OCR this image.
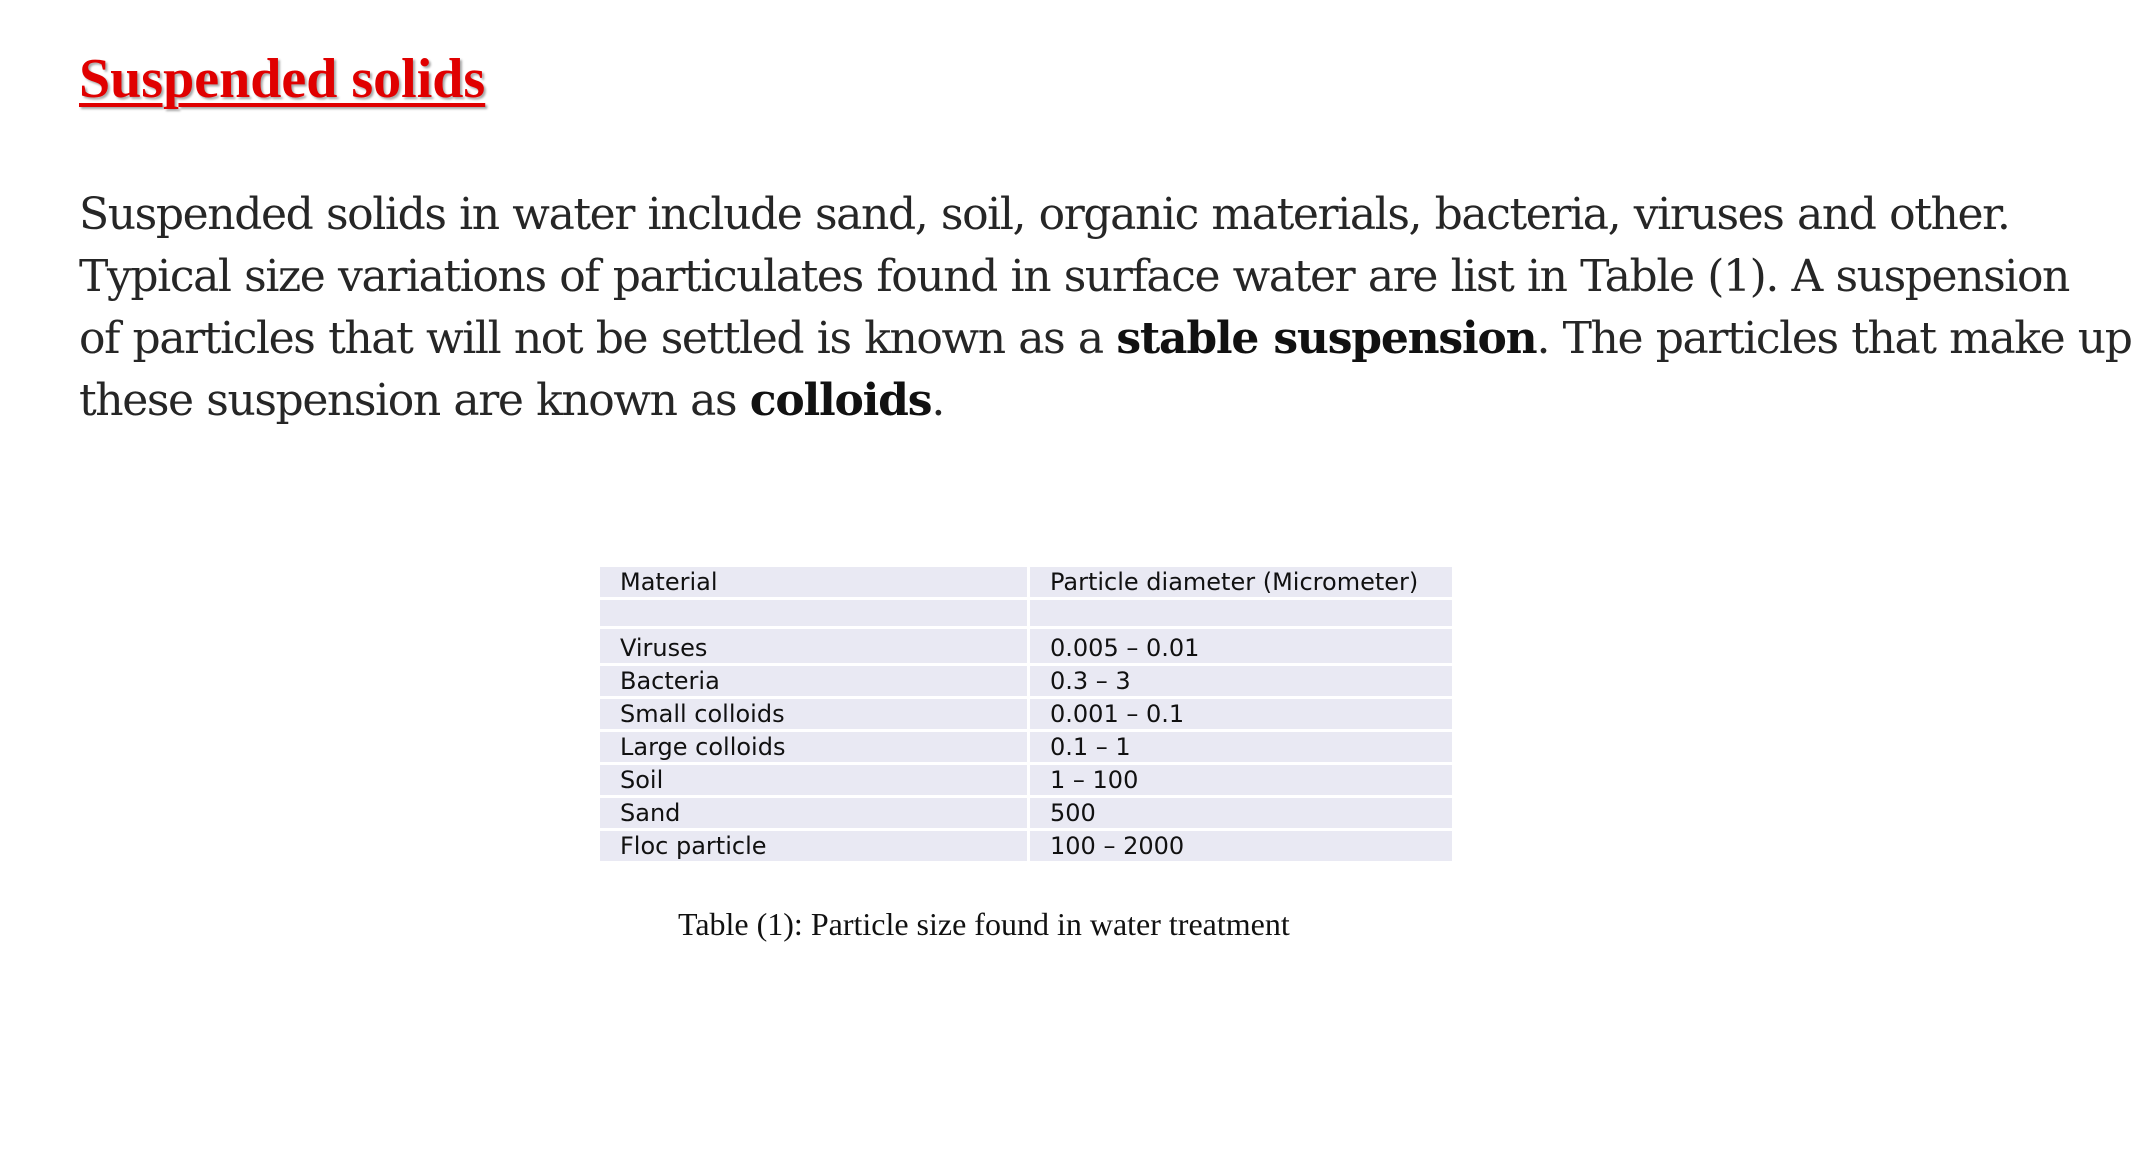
Suspended solids

Suspended solids in water include sand, soil, organic materials, bacteria, viruses and other.
Typical size variations of particulates found in surface water are list in Table (1). A suspension
of particles that will not be settled is known as a stable suspension. The particles that make up
these suspension are known as colloids.

Material	Particle diameter (Micrometer)

Viruses	0.005 – 0.01
Bacteria	0.3 – 3
Small colloids	0.001 – 0.1
Large colloids	0.1 – 1
Soil	1 – 100
Sand	500
Floc particle	100 – 2000

Table (1): Particle size found in water treatment
